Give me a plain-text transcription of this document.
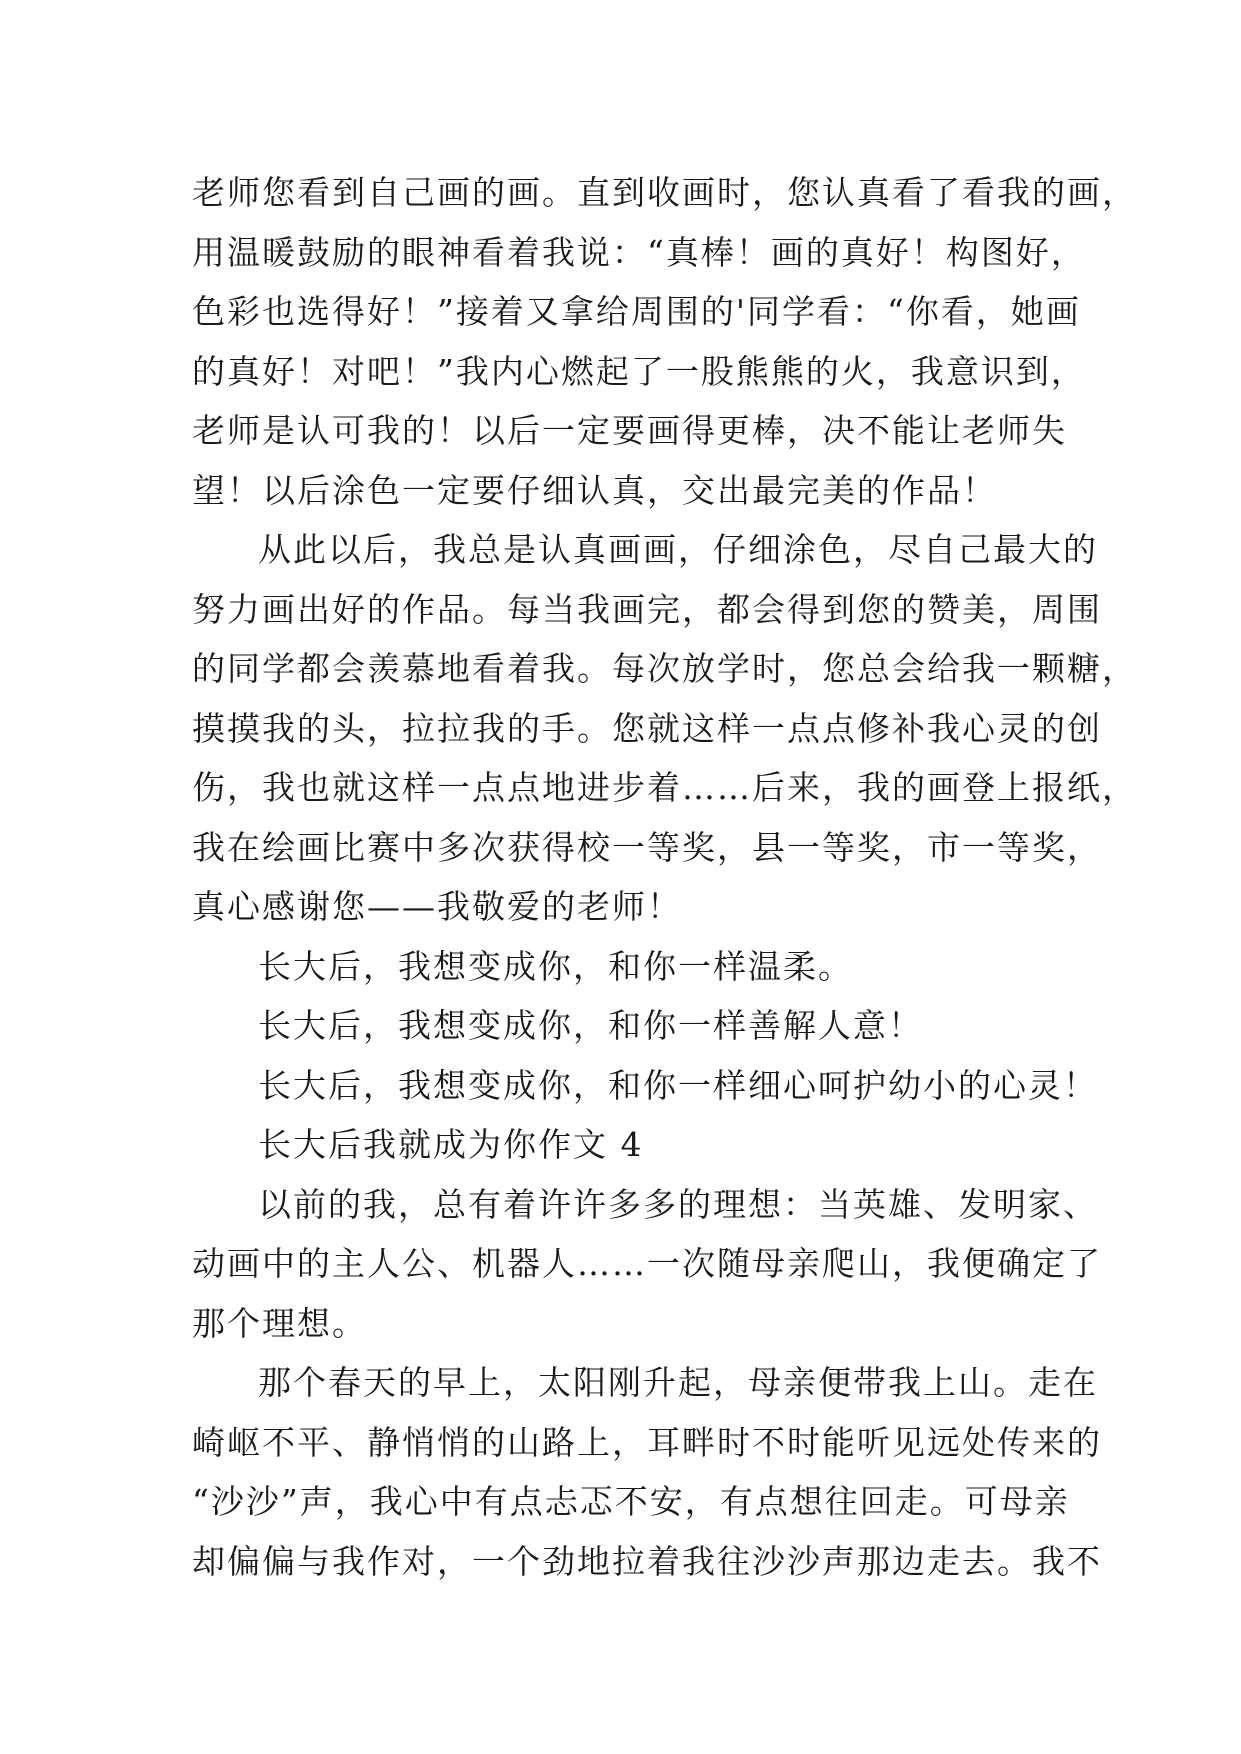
老师您看到自己画的画。直到收画时，您认真看了看我的画，
用温暖鼓励的眼神看着我说：“真棒！画的真好！构图好，
色彩也选得好！”接着又拿给周围的'同学看：“你看，她画
的真好！对吧！”我内心燃起了一股熊熊的火，我意识到，
老师是认可我的！以后一定要画得更棒，决不能让老师失
望！以后涂色一定要仔细认真，交出最完美的作品！
从此以后，我总是认真画画，仔细涂色，尽自己最大的
努力画出好的作品。每当我画完，都会得到您的赞美，周围
的同学都会羡慕地看着我。每次放学时，您总会给我一颗糖，
摸摸我的头，拉拉我的手。您就这样一点点修补我心灵的创
伤，我也就这样一点点地进步着……后来，我的画登上报纸，
我在绘画比赛中多次获得校一等奖，县一等奖，市一等奖，
真心感谢您——我敬爱的老师！
长大后，我想变成你，和你一样温柔。
长大后，我想变成你，和你一样善解人意！
长大后，我想变成你，和你一样细心呵护幼小的心灵！
长大后我就成为你作文 4
以前的我，总有着许许多多的理想：当英雄、发明家、
动画中的主人公、机器人……一次随母亲爬山，我便确定了
那个理想。
那个春天的早上，太阳刚升起，母亲便带我上山。走在
崎岖不平、静悄悄的山路上，耳畔时不时能听见远处传来的
“沙沙”声，我心中有点忐忑不安，有点想往回走。可母亲
却偏偏与我作对，一个劲地拉着我往沙沙声那边走去。我不
